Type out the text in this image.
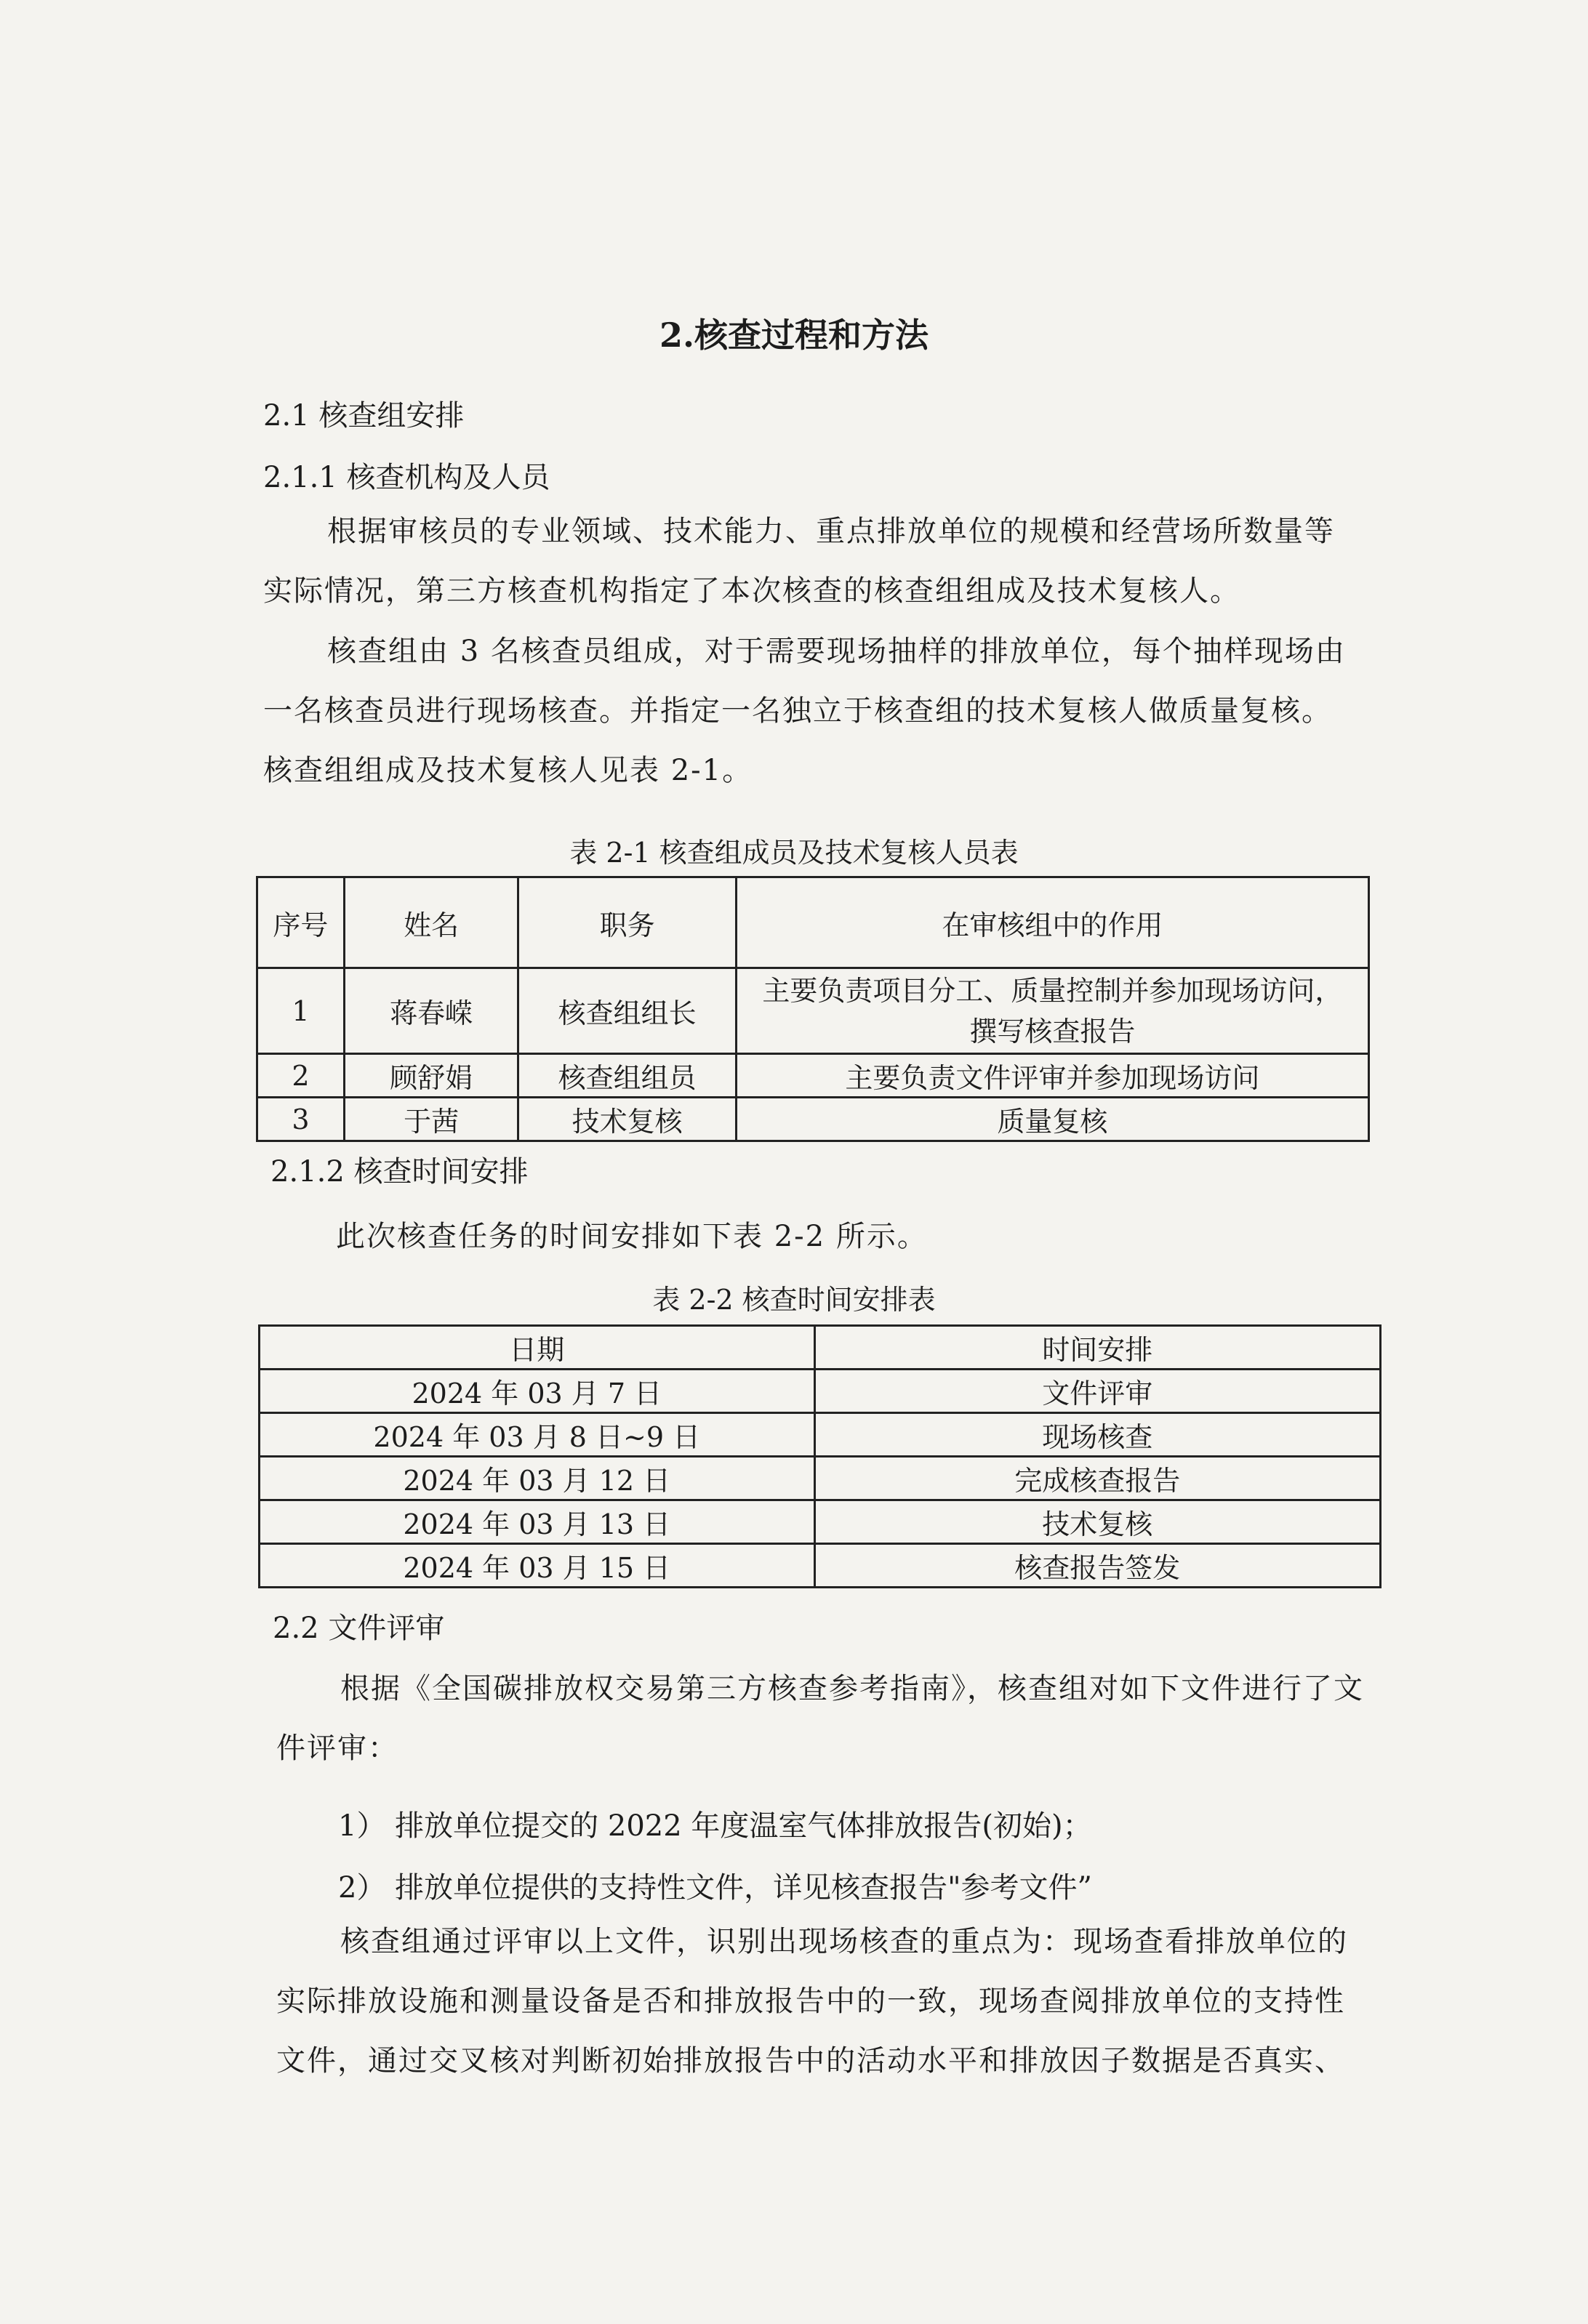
2.核查过程和方法
2.1 核查组安排
2.1.1 核查机构及人员
根据审核员的专业领域、技术能力、重点排放单位的规模和经营场所数量等实际情况，第三方核查机构指定了本次核查的核查组组成及技术复核人。
核查组由 3 名核查员组成，对于需要现场抽样的排放单位，每个抽样现场由一名核查员进行现场核查。并指定一名独立于核查组的技术复核人做质量复核。核查组组成及技术复核人见表 2-1。
表 2-1 核查组成员及技术复核人员表
序号	姓名	职务	在审核组中的作用
1	蒋春嵘	核查组组长	主要负责项目分工、质量控制并参加现场访问，撰写核查报告
2	顾舒娟	核查组组员	主要负责文件评审并参加现场访问
3	于茜	技术复核	质量复核
2.1.2 核查时间安排
此次核查任务的时间安排如下表 2-2 所示。
表 2-2 核查时间安排表
日期	时间安排
2024 年 03 月 7 日	文件评审
2024 年 03 月 8 日~9 日	现场核查
2024 年 03 月 12 日	完成核查报告
2024 年 03 月 13 日	技术复核
2024 年 03 月 15 日	核查报告签发
2.2 文件评审
根据《全国碳排放权交易第三方核查参考指南》，核查组对如下文件进行了文件评审：
1） 排放单位提交的 2022 年度温室气体排放报告(初始)；
2） 排放单位提供的支持性文件，详见核查报告"参考文件”
核查组通过评审以上文件，识别出现场核查的重点为：现场查看排放单位的实际排放设施和测量设备是否和排放报告中的一致，现场查阅排放单位的支持性文件，通过交叉核对判断初始排放报告中的活动水平和排放因子数据是否真实、
